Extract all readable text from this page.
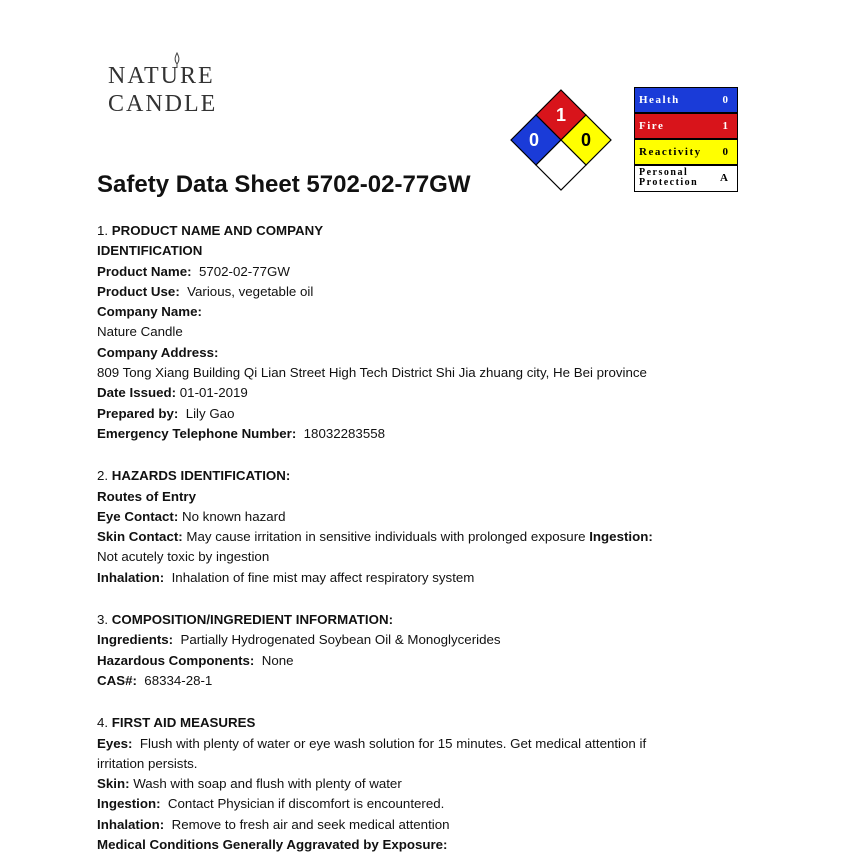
NATURE
CANDLE	1
0 0
Health	0
Fire	1
Reactivity 0
Personal Protection	A
Safety Data Sheet 5702-02-77GW

1. PRODUCT NAME AND COMPANY

IDENTIFICATION

Product Name: 5702-02-77GW

Product Use: Various, vegetable oil

Company Name:

Nature Candle

Company Address:

809 Tong Xiang Building Qi Lian Street High Tech District Shi Jia zhuang city, He Bei province

Date Issued: 01-01-2019

Prepared by: Lily Gao

Emergency Telephone Number: 18032283558

2. HAZARDS IDENTIFICATION:

Routes of Entry

Eye Contact: No known hazard

Skin Contact: May cause irritation in sensitive individuals with prolonged exposure Ingestion:

Not acutely toxic by ingestion

Inhalation: Inhalation of fine mist may affect respiratory system

3. COMPOSITION/INGREDIENT INFORMATION:

Ingredients: Partially Hydrogenated Soybean Oil & Monoglycerides

Hazardous Components: None

CAS#: 68334-28-1

4. FIRST AID MEASURES

Eyes: Flush with plenty of water or eye wash solution for 15 minutes. Get medical attention if

irritation persists.

Skin: Wash with soap and flush with plenty of water

Ingestion: Contact Physician if discomfort is encountered.

Inhalation: Remove to fresh air and seek medical attention

Medical Conditions Generally Aggravated by Exposure:
